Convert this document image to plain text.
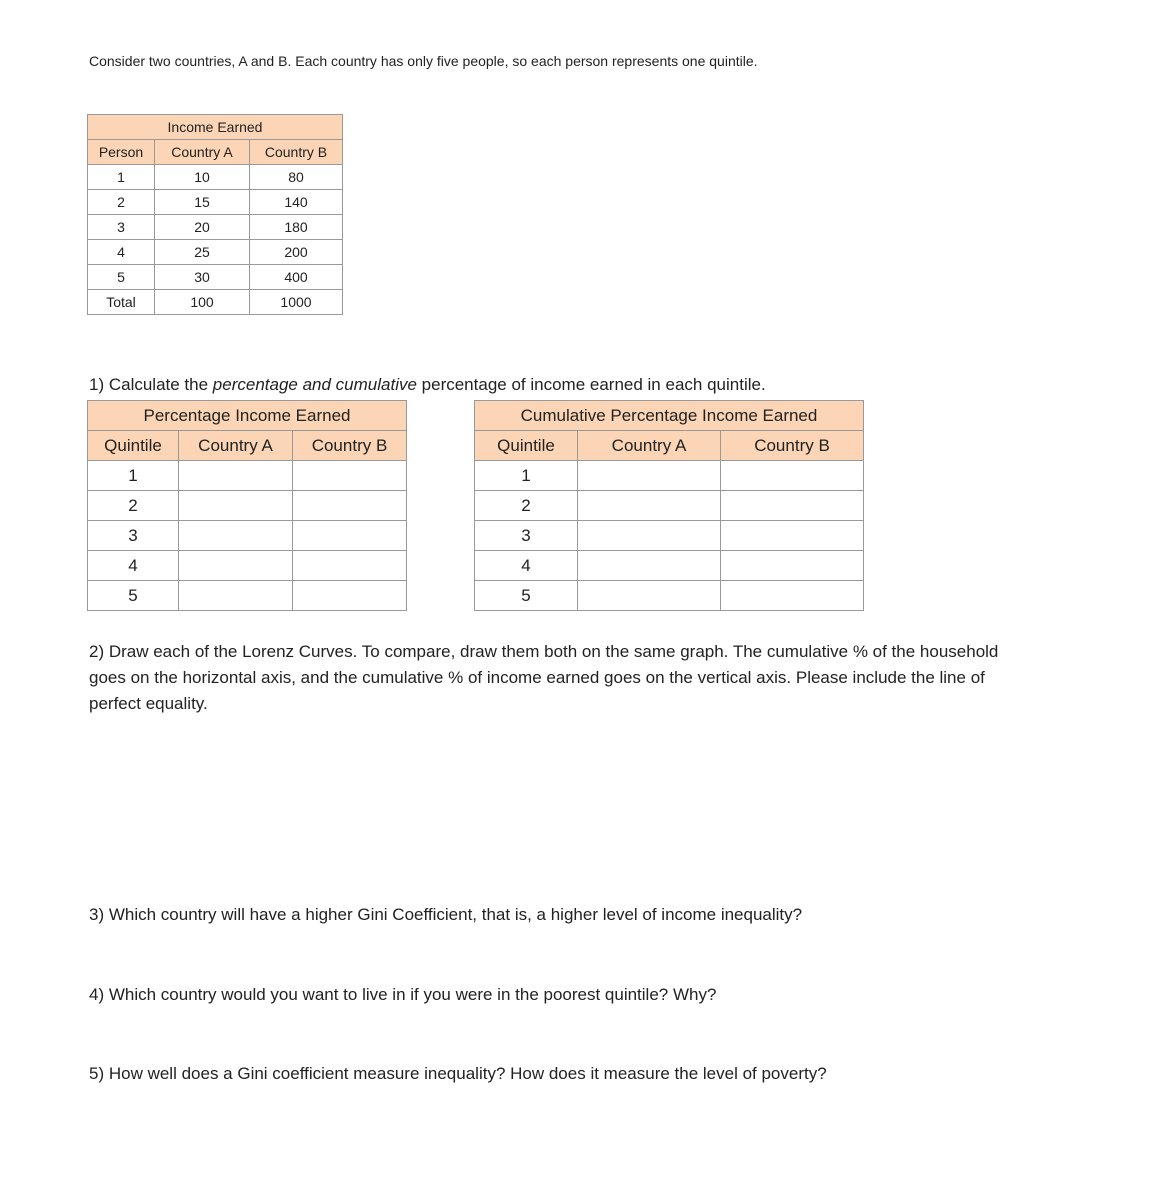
Consider two countries, A and B. Each country has only five people, so each person represents one quintile.
Income Earned		
Person	Country A	Country B
1	10	80
2	15	140
3	20	180
4	25	200
5	30	400
Total	100	1000
1) Calculate the percentage and cumulative percentage of income earned in each quintile.
Percentage Income Earned		
Quintile	Country A	Country B
1		
2		
3		
4		
5		
Cumulative Percentage Income Earned		
Quintile	Country A	Country B
1		
2		
3		
4		
5		
2) Draw each of the Lorenz Curves. To compare, draw them both on the same graph. The cumulative % of the household goes on the horizontal axis, and the cumulative % of income earned goes on the vertical axis. Please include the line of perfect equality.
3) Which country will have a higher Gini Coefficient, that is, a higher level of income inequality?
4) Which country would you want to live in if you were in the poorest quintile? Why?
5) How well does a Gini coefficient measure inequality? How does it measure the level of poverty?
